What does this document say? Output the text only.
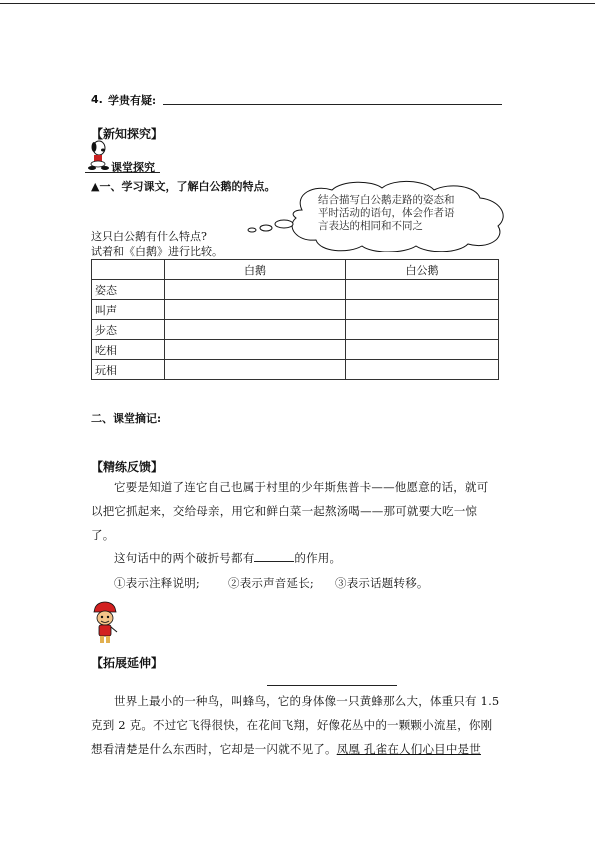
4. 学贵有疑:
【新知探究】
课堂探究
▲一、学习课文，了解白公鹅的特点。
结合描写白公鹅走路的姿态和平时活动的语句，体会作者语言表达的相同和不同之
这只白公鹅有什么特点?
试着和《白鹅》进行比较。
	白鹅	白公鹅
姿态		
叫声		
步态		
吃相		
玩相		
二、课堂摘记:
【精练反馈】
它要是知道了连它自己也属于村里的少年斯焦普卡——他愿意的话，就可
以把它抓起来，交给母亲，用它和鲜白菜一起熬汤喝——那可就要大吃一惊
了。
这句话中的两个破折号都有	的作用。
①表示注释说明; ②表示声音延长; ③表示话题转移。
【拓展延伸】
世界上最小的一种鸟，叫蜂鸟，它的身体像一只黄蜂那么大，体重只有 1.5
克到 2 克。不过它飞得很快，在花间飞翔，好像花丛中的一颗颗小流星，你刚
想看清楚是什么东西时，它却是一闪就不见了。凤凰 孔雀在人们心目中是世
